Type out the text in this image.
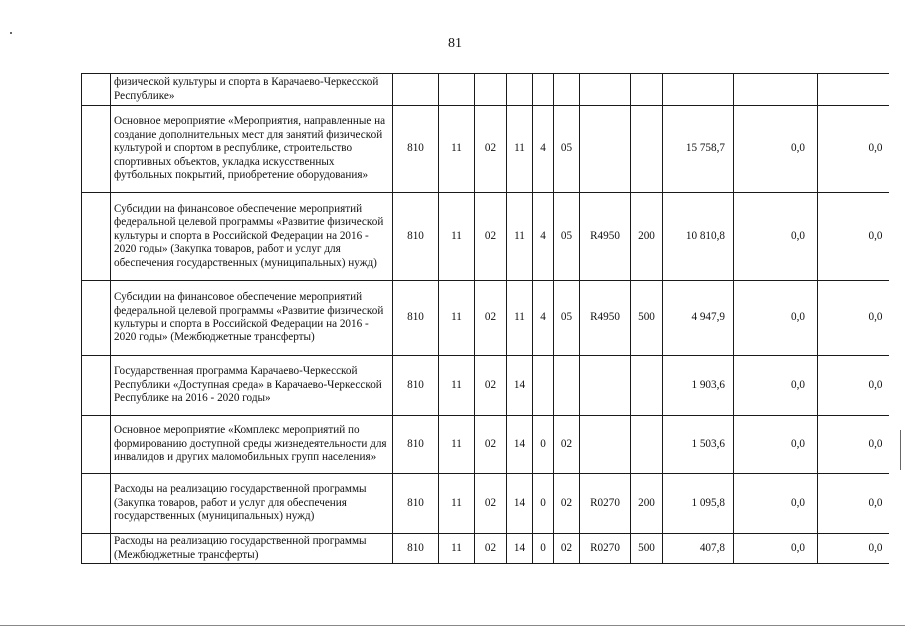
81
	физической культуры и спорта в Карачаево-Черкесской Республике»											
	Основное мероприятие «Мероприятия, направленные на создание дополнительных мест для занятий физической культурой и спортом в республике, строительство спортивных объектов, укладка искусственных футбольных покрытий, приобретение оборудования»	810	11	02	11	4	05			15 758,7	0,0	0,0
	Субсидии на финансовое обеспечение мероприятий федеральной целевой программы «Развитие физической культуры и спорта в Российской Федерации на 2016 - 2020 годы» (Закупка товаров, работ и услуг для обеспечения государственных (муниципальных) нужд)	810	11	02	11	4	05	R4950	200	10 810,8	0,0	0,0
	Субсидии на финансовое обеспечение мероприятий федеральной целевой программы «Развитие физической культуры и спорта в Российской Федерации на 2016 - 2020 годы» (Межбюджетные трансферты)	810	11	02	11	4	05	R4950	500	4 947,9	0,0	0,0
	Государственная программа Карачаево-Черкесской Республики «Доступная среда» в Карачаево-Черкесской Республике на 2016 - 2020 годы»	810	11	02	14					1 903,6	0,0	0,0
	Основное мероприятие «Комплекс мероприятий по формированию доступной среды жизнедеятельности для инвалидов и других маломобильных групп населения»	810	11	02	14	0	02			1 503,6	0,0	0,0
	Расходы на реализацию государственной программы (Закупка товаров, работ и услуг для обеспечения государственных (муниципальных) нужд)	810	11	02	14	0	02	R0270	200	1 095,8	0,0	0,0
	Расходы на реализацию государственной программы (Межбюджетные трансферты)	810	11	02	14	0	02	R0270	500	407,8	0,0	0,0
